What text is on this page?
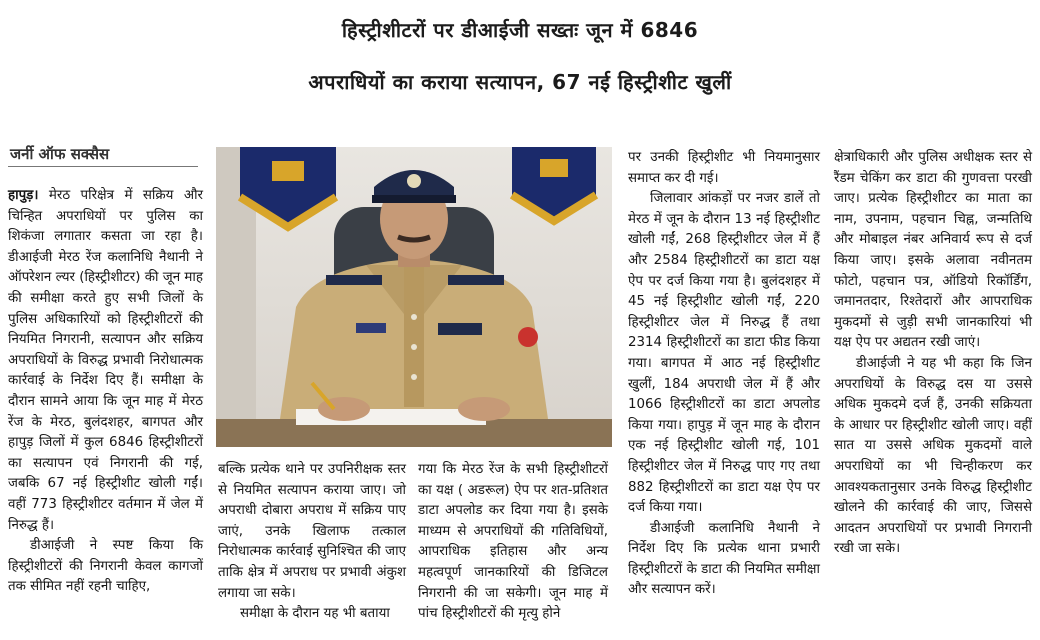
हिस्ट्रीशीटरों पर डीआईजी सख्तः जून में 6846
अपराधियों का कराया सत्यापन, 67 नई हिस्ट्रीशीट खुलीं
जर्नी ऑफ सक्सैस

हापुड़। मेरठ परिक्षेत्र में सक्रिय और चिन्हित अपराधियों पर पुलिस का शिकंजा लगातार कसता जा रहा है। डीआईजी मेरठ रेंज कलानिधि नैथानी ने ऑपरेशन ल्यर (हिस्ट्रीशीटर) की जून माह की समीक्षा करते हुए सभी जिलों के पुलिस अधिकारियों को हिस्ट्रीशीटरों की नियमित निगरानी, सत्यापन और सक्रिय अपराधियों के विरुद्ध प्रभावी निरोधात्मक कार्रवाई के निर्देश दिए हैं। समीक्षा के दौरान सामने आया कि जून माह में मेरठ रेंज के मेरठ, बुलंदशहर, बागपत और हापुड़ जिलों में कुल 6846 हिस्ट्रीशीटरों का सत्यापन एवं निगरानी की गई, जबकि 67 नई हिस्ट्रीशीट खोली गईं। वहीं 773 हिस्ट्रीशीटर वर्तमान में जेल में निरुद्ध हैं।

डीआईजी ने स्पष्ट किया कि हिस्ट्रीशीटरों की निगरानी केवल कागजों तक सीमित नहीं रहनी चाहिए,

बल्कि प्रत्येक थाने पर उपनिरीक्षक स्तर से नियमित सत्यापन कराया जाए। जो अपराधी दोबारा अपराध में सक्रिय पाए जाएं, उनके खिलाफ तत्काल निरोधात्मक कार्रवाई सुनिश्चित की जाए ताकि क्षेत्र में अपराध पर प्रभावी अंकुश लगाया जा सके।

समीक्षा के दौरान यह भी बताया

गया कि मेरठ रेंज के सभी हिस्ट्रीशीटरों का यक्ष ( अडरूल) ऐप पर शत-प्रतिशत डाटा अपलोड कर दिया गया है। इसके माध्यम से अपराधियों की गतिविधियों, आपराधिक इतिहास और अन्य महत्वपूर्ण जानकारियों की डिजिटल निगरानी की जा सकेगी। जून माह में पांच हिस्ट्रीशीटरों की मृत्यु होने

पर उनकी हिस्ट्रीशीट भी नियमानुसार समाप्त कर दी गई।

जिलावार आंकड़ों पर नजर डालें तो मेरठ में जून के दौरान 13 नई हिस्ट्रीशीट खोली गईं, 268 हिस्ट्रीशीटर जेल में हैं और 2584 हिस्ट्रीशीटरों का डाटा यक्ष ऐप पर दर्ज किया गया है। बुलंदशहर में 45 नई हिस्ट्रीशीट खोली गईं, 220 हिस्ट्रीशीटर जेल में निरुद्ध हैं तथा 2314 हिस्ट्रीशीटरों का डाटा फीड किया गया। बागपत में आठ नई हिस्ट्रीशीट खुलीं, 184 अपराधी जेल में हैं और 1066 हिस्ट्रीशीटरों का डाटा अपलोड किया गया। हापुड़ में जून माह के दौरान एक नई हिस्ट्रीशीट खोली गई, 101 हिस्ट्रीशीटर जेल में निरुद्ध पाए गए तथा 882 हिस्ट्रीशीटरों का डाटा यक्ष ऐप पर दर्ज किया गया।

डीआईजी कलानिधि नैथानी ने निर्देश दिए कि प्रत्येक थाना प्रभारी हिस्ट्रीशीटरों के डाटा की नियमित समीक्षा और सत्यापन करें।

क्षेत्राधिकारी और पुलिस अधीक्षक स्तर से रैंडम चेकिंग कर डाटा की गुणवत्ता परखी जाए। प्रत्येक हिस्ट्रीशीटर का माता का नाम, उपनाम, पहचान चिह्न, जन्मतिथि और मोबाइल नंबर अनिवार्य रूप से दर्ज किया जाए। इसके अलावा नवीनतम फोटो, पहचान पत्र, ऑडियो रिकॉर्डिंग, जमानतदार, रिश्तेदारों और आपराधिक मुकदमों से जुड़ी सभी जानकारियां भी यक्ष ऐप पर अद्यतन रखी जाएं।

डीआईजी ने यह भी कहा कि जिन अपराधियों के विरुद्ध दस या उससे अधिक मुकदमे दर्ज हैं, उनकी सक्रियता के आधार पर हिस्ट्रीशीट खोली जाए। वहीं सात या उससे अधिक मुकदमों वाले अपराधियों का भी चिन्हीकरण कर आवश्यकतानुसार उनके विरुद्ध हिस्ट्रीशीट खोलने की कार्रवाई की जाए, जिससे आदतन अपराधियों पर प्रभावी निगरानी रखी जा सके।
